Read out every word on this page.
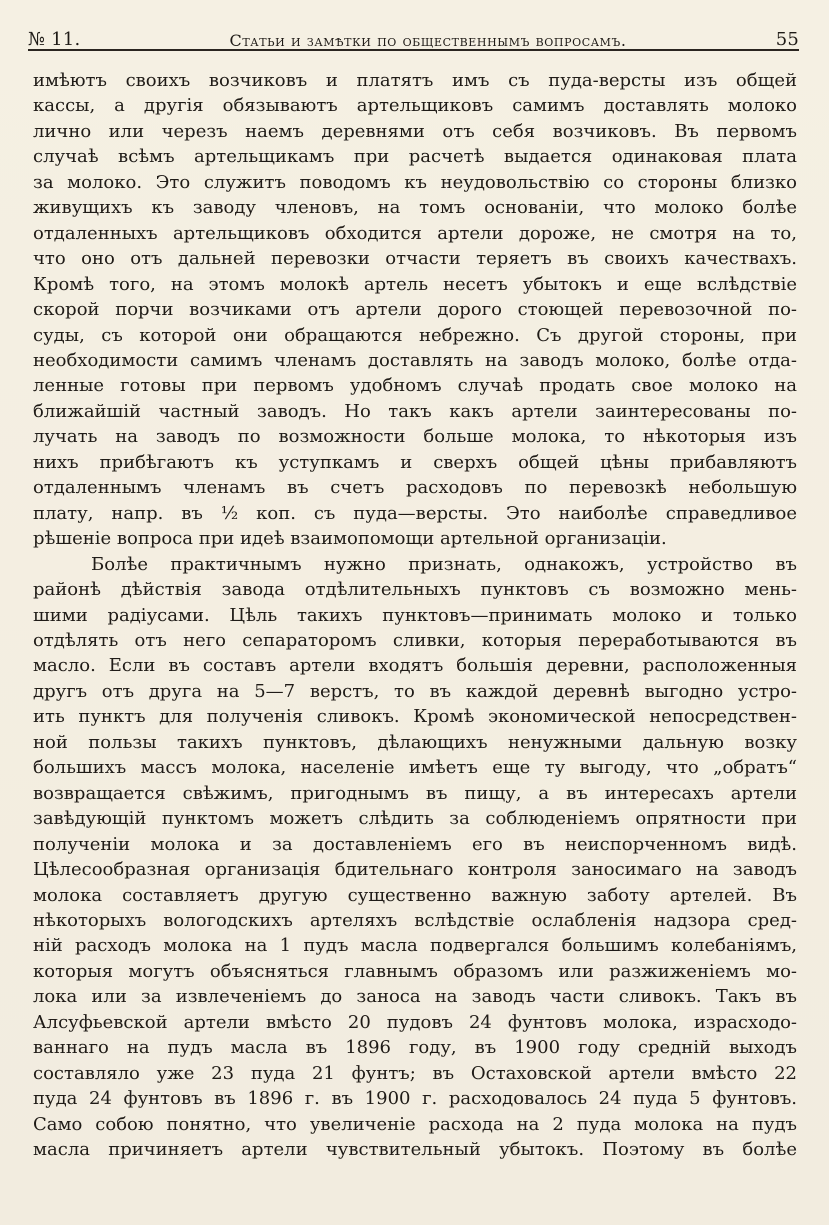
№ 11.	Статьи и замѣтки по общественнымъ вопросамъ.	55
имѣютъ своихъ возчиковъ и платятъ имъ съ пуда-версты изъ общей
кассы, а другія обязываютъ артельщиковъ самимъ доставлять молоко
лично или черезъ наемъ деревнями отъ себя возчиковъ. Въ первомъ
случаѣ всѣмъ артельщикамъ при расчетѣ выдается одинаковая плата
за молоко. Это служитъ поводомъ къ неудовольствію со стороны близко
живущихъ къ заводу членовъ, на томъ основаніи, что молоко болѣе
отдаленныхъ артельщиковъ обходится артели дороже, не смотря на то,
что оно отъ дальней перевозки отчасти теряетъ въ своихъ качествахъ.
Кромѣ того, на этомъ молокѣ артель несетъ убытокъ и еще вслѣдствіе
скорой порчи возчиками отъ артели дорого стоющей перевозочной по-
суды, съ которой они обращаются небрежно. Съ другой стороны, при
необходимости самимъ членамъ доставлять на заводъ молоко, болѣе отда-
ленные готовы при первомъ удобномъ случаѣ продать свое молоко на
ближайшій частный заводъ. Но такъ какъ артели заинтересованы по-
лучать на заводъ по возможности больше молока, то нѣкоторыя изъ
нихъ прибѣгаютъ къ уступкамъ и сверхъ общей цѣны прибавляютъ
отдаленнымъ членамъ въ счетъ расходовъ по перевозкѣ небольшую
плату, напр. въ ½ коп. съ пуда—версты. Это наиболѣе справедливое
рѣшеніе вопроса при идеѣ взаимопомощи артельной организаціи.
Болѣе практичнымъ нужно признать, однакожъ, устройство въ
районѣ дѣйствія завода отдѣлительныхъ пунктовъ съ возможно мень-
шими радіусами. Цѣль такихъ пунктовъ—принимать молоко и только
отдѣлять отъ него сепараторомъ сливки, которыя переработываются въ
масло. Если въ составъ артели входятъ большія деревни, расположенныя
другъ отъ друга на 5—7 верстъ, то въ каждой деревнѣ выгодно устро-
ить пунктъ для полученія сливокъ. Кромѣ экономической непосредствен-
ной пользы такихъ пунктовъ, дѣлающихъ ненужными дальную возку
большихъ массъ молока, населеніе имѣетъ еще ту выгоду, что „обратъ“
возвращается свѣжимъ, пригоднымъ въ пищу, а въ интересахъ артели
завѣдующій пунктомъ можетъ слѣдить за соблюденіемъ опрятности при
полученіи молока и за доставленіемъ его въ неиспорченномъ видѣ.
Цѣлесообразная организація бдительнаго контроля заносимаго на заводъ
молока составляетъ другую существенно важную заботу артелей. Въ
нѣкоторыхъ вологодскихъ артеляхъ вслѣдствіе ослабленія надзора сред-
ній расходъ молока на 1 пудъ масла подвергался большимъ колебаніямъ,
которыя могутъ объясняться главнымъ образомъ или разжиженіемъ мо-
лока или за извлеченіемъ до заноса на заводъ части сливокъ. Такъ въ
Алсуфьевской артели вмѣсто 20 пудовъ 24 фунтовъ молока, израсходо-
ваннаго на пудъ масла въ 1896 году, въ 1900 году средній выходъ
составляло уже 23 пуда 21 фунтъ; въ Остаховской артели вмѣсто 22
пуда 24 фунтовъ въ 1896 г. въ 1900 г. расходовалось 24 пуда 5 фунтовъ.
Само собою понятно, что увеличеніе расхода на 2 пуда молока на пудъ
масла причиняетъ артели чувствительный убытокъ. Поэтому въ болѣе
